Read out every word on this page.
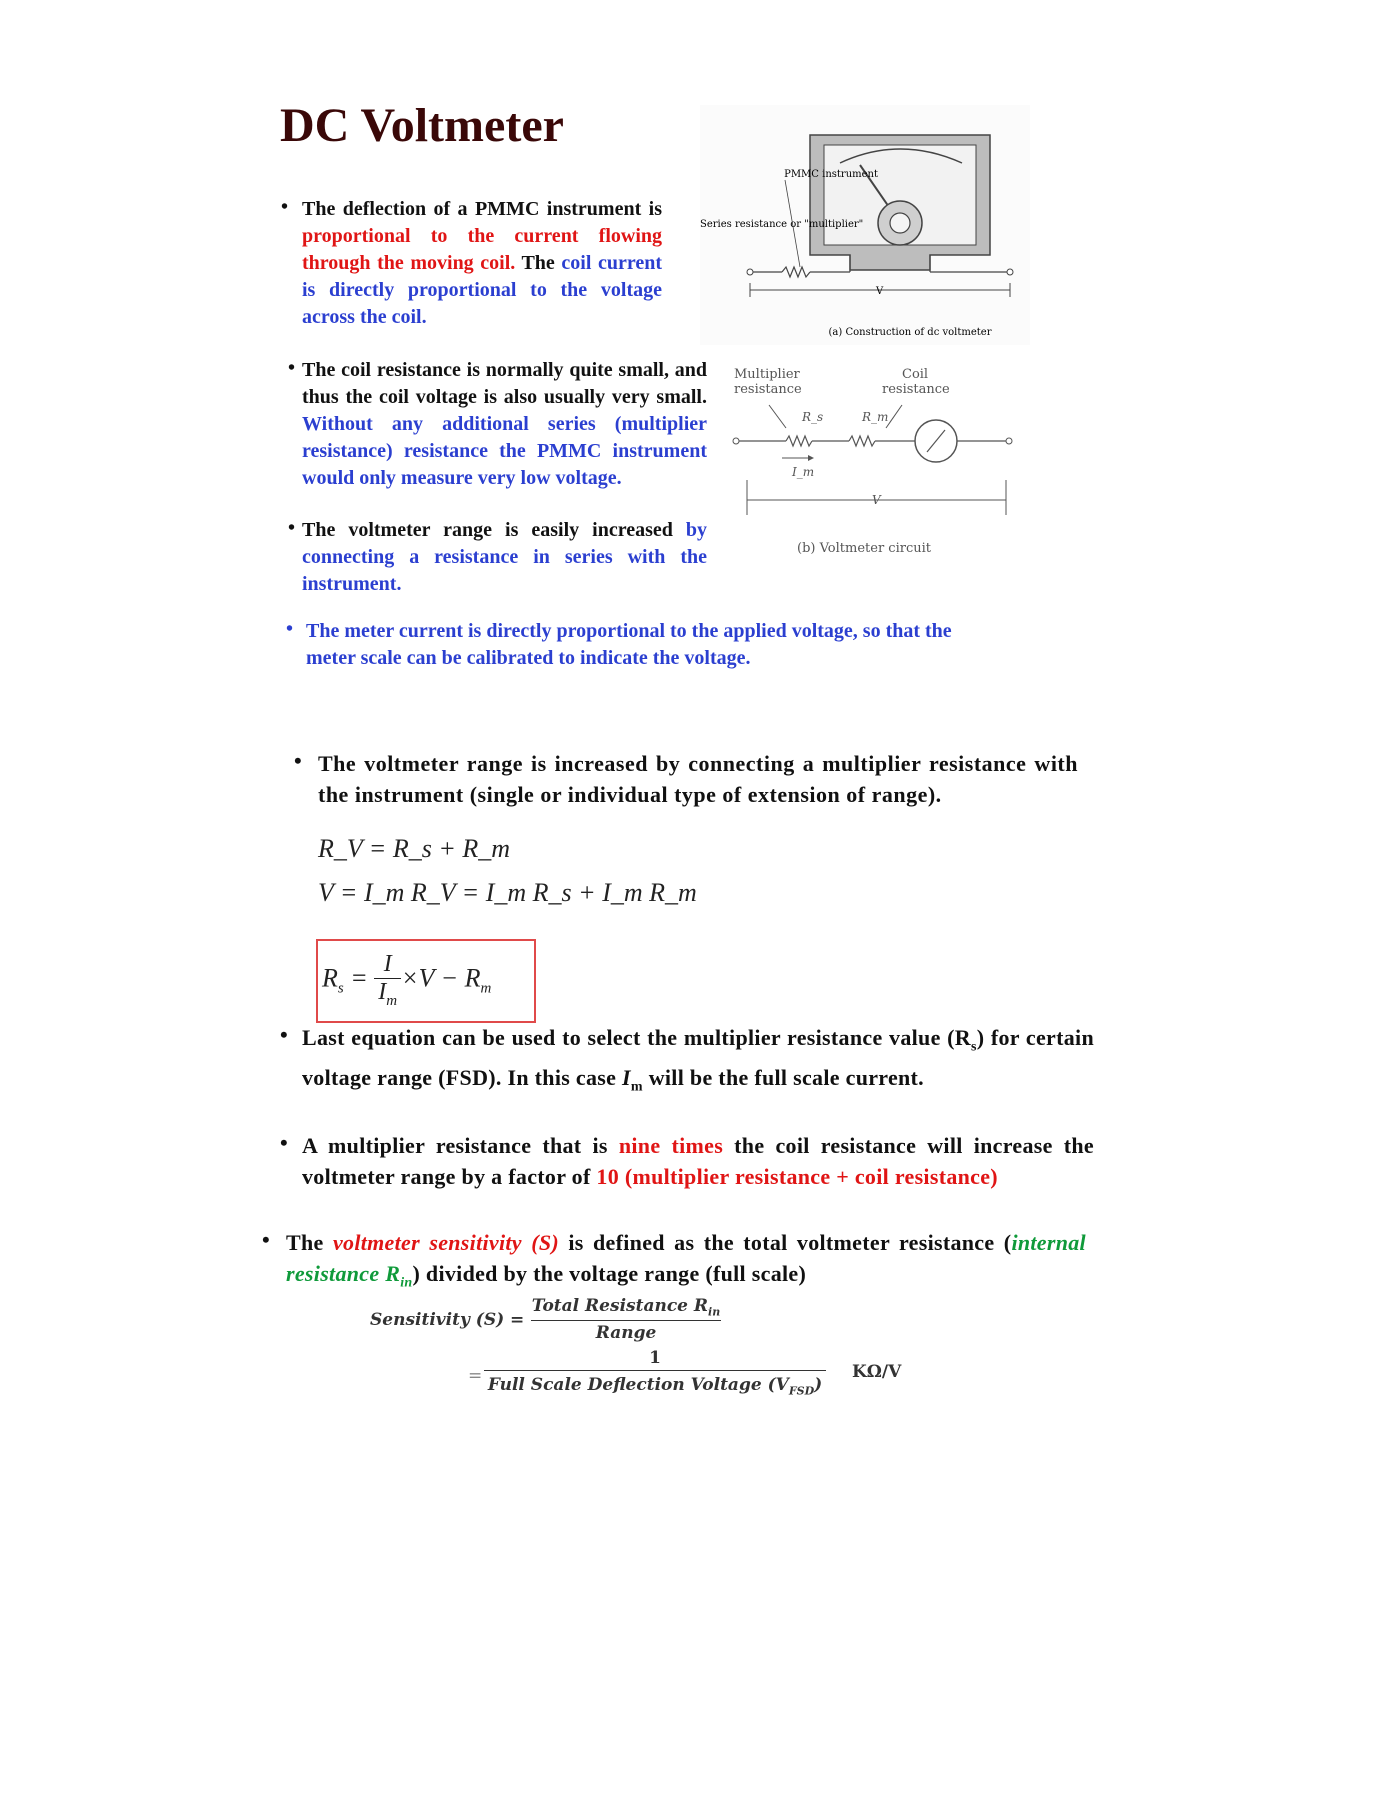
DC Voltmeter
• The deflection of a PMMC instrument is proportional to the current flowing through the moving coil. The coil current is directly proportional to the voltage across the coil.
• The coil resistance is normally quite small, and thus the coil voltage is also usually very small. Without any additional series (multiplier resistance) resistance the PMMC instrument would only measure very low voltage.
• The voltmeter range is easily increased by connecting a resistance in series with the instrument.
PMMC instrument
Series resistance or "multiplier"
V
(a) Construction of dc voltmeter
Multiplier
resistance
Coil
resistance
R_s	R_m
I_m
V
(b) Voltmeter circuit
• The meter current is directly proportional to the applied voltage, so that the meter scale can be calibrated to indicate the voltage.
• The voltmeter range is increased by connecting a multiplier resistance with the instrument (single or individual type of extension of range).
R_V = R_s + R_m
V = I_m R_V = I_m R_s + I_m R_m
$R_s = \frac{I}{I_m} \times V - R_m$
• Last equation can be used to select the multiplier resistance value $(R_s)$ for certain voltage range (FSD). In this case $I_m$ will be the full scale current.
• A multiplier resistance that is nine times the coil resistance will increase the voltmeter range by a factor of 10 (multiplier resistance + coil resistance)
• The voltmeter sensitivity (S) is defined as the total voltmeter resistance (internal resistance $R_{in}$) divided by the voltage range (full scale)
Sensitivity (S) =
Total Resistance $R_{in}$
Range
=
1
Full Scale Deflection Voltage $(V_{FSD})$
KΩ/V
